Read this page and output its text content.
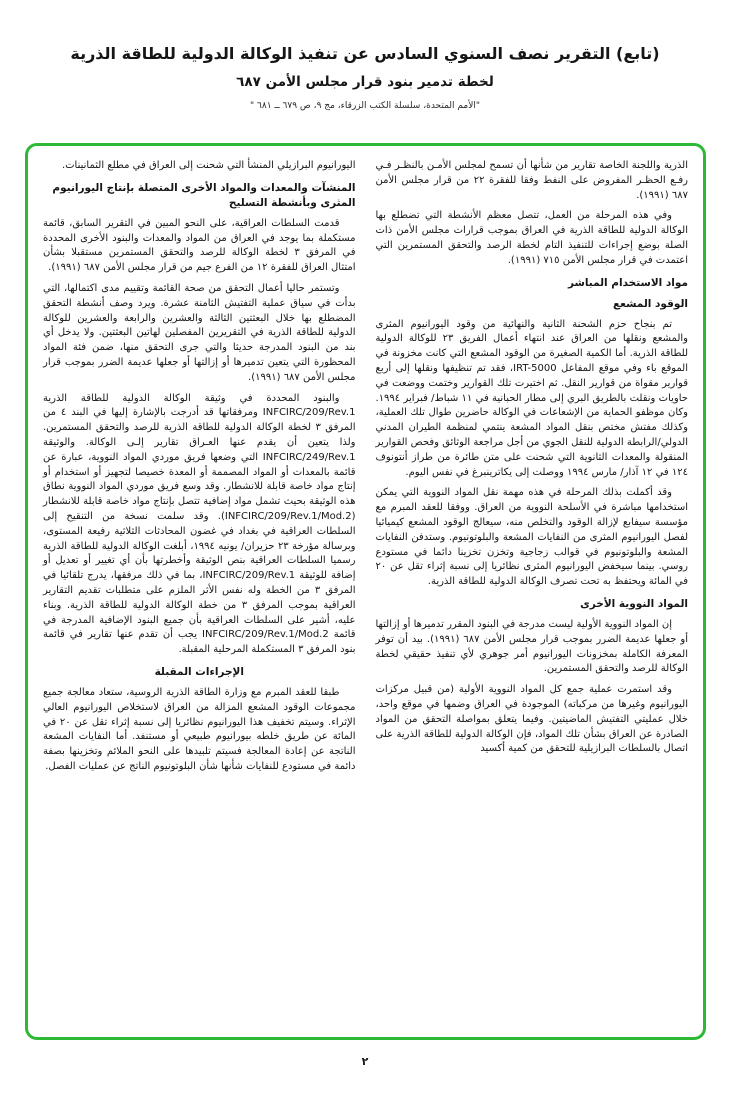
(تابع) التقرير نصف السنوي السادس عن تنفيذ الوكالة الدولية للطاقة الذرية
لخطة تدمير بنود قرار مجلس الأمن ٦٨٧
"الأمم المتحدة، سلسلة الكتب الزرقاء، مج ٩، ص ٦٧٩ ــ ٦٨١ "

الذرية واللجنة الخاصة تقارير من شأنها أن تسمح لمجلس الأمـن بالنظـر فـي رفـع الحظـر المفروض على النفط وفقا للفقرة ٢٢ من قرار مجلس الأمن ٦٨٧ (١٩٩١).

وفي هذه المرحلة من العمل، تتصل معظم الأنشطة التي تضطلع بها الوكالة الدولية للطاقة الذرية في العراق بموجب قرارات مجلس الأمن ذات الصلة بوضع إجراءات للتنفيذ التام لخطة الرصد والتحقق المستمرين التي اعتمدت في قرار مجلس الأمن ٧١٥ (١٩٩١).

مواد الاستخدام المباشر
الوقود المشعع

تم بنجاح حزم الشحنة الثانية والنهائية من وقود اليورانيوم المثرى والمشعع ونقلها من العراق عند انتهاء أعمال الفريق ٢٣ للوكالة الدولية للطاقة الذرية. أما الكمية الصغيرة من الوقود المشعع التي كانت مخزونة في الموقع باء وفي موقع المفاعل IRT-5000، فقد تم تنظيفها ونقلها إلى أربع قوارير مقواة من قوارير النقل. ثم اختيرت تلك القوارير وختمت ووضعت في حاويات ونقلت بالطريق البري إلى مطار الحبانية في ١١ شباط/ فبراير ١٩٩٤. وكان موظفو الحماية من الإشعاعات في الوكالة حاضرين طوال تلك العملية، وكذلك مفتش مختص بنقل المواد المشعة ينتمي لمنظمة الطيران المدني الدولي/الرابطة الدولية للنقل الجوي من أجل مراجعة الوثائق وفحص القوارير المنقولة والمعدات الثانوية التي شحنت على متن طائرة من طراز أنتونوف ١٢٤ في ١٢ آذار/ مارس ١٩٩٤ ووصلت إلى يكاترينبرغ في نفس اليوم.

وقد أكملت بذلك المرحلة في هذه مهمة نقل المواد النووية التي يمكن استخدامها مباشرة في الأسلحة النووية من العراق. ووفقا للعقد المبرم مع مؤسسة سيفابع لإزالة الوقود والتخلص منه، سيعالج الوقود المشعع كيميائيا لفصل اليورانيوم المثرى من النفايات المشعة والبلوتونيوم. وستدفن النفايات المشعة والبلوتونيوم في قوالب زجاجية وتخزن تخزينا دائما في مستودع روسي. بينما سيخفض اليورانيوم المثرى نظائريا إلى نسبة إثراء تقل عن ٢٠ في المائة ويحتفظ به تحت تصرف الوكالة الدولية للطاقة الذرية.

المواد النووية الأخرى

إن المواد النووية الأولية ليست مدرجة في البنود المقرر تدميرها أو إزالتها أو جعلها عديمة الضرر بموجب قرار مجلس الأمن ٦٨٧ (١٩٩١). بيد أن توفر المعرفة الكاملة بمخزونات اليورانيوم أمر جوهري لأي تنفيذ حقيقي لخطة الوكالة للرصد والتحقق المستمرين.

وقد استمرت عملية جمع كل المواد النووية الأولية (من قبيل مركزات اليورانيوم وغيرها من مركباته) الموجودة في العراق وضمها في موقع واحد، خلال عمليتي التفتيش الماضيتين. وفيما يتعلق بمواصلة التحقق من المواد الصادرة عن العراق بشأن تلك المواد، فإن الوكالة الدولية للطاقة الذرية على اتصال بالسلطات البرازيلية للتحقق من كمية أكسيد

اليورانيوم البرازيلي المنشأ التي شحنت إلى العراق في مطلع الثمانينات.

المنشآت والمعدات والمواد الأخرى المتصلة بإنتاج اليورانيوم المثرى وبأنشطة التسليح

قدمت السلطات العراقية، على النحو المبين في التقرير السابق، قائمة مستكملة بما يوجد في العراق من المواد والمعدات والبنود الأخرى المحددة في المرفق ٣ لخطة الوكالة للرصد والتحقق المستمرين مستقبلا بشأن امتثال العراق للفقرة ١٢ من الفرع جيم من قرار مجلس الأمن ٦٨٧ (١٩٩١).

وتستمر حاليا أعمال التحقق من صحة القائمة وتقييم مدى اكتمالها، التي بدأت في سياق عملية التفتيش الثامنة عشرة. ويرد وصف أنشطة التحقق المضطلع بها خلال البعثتين الثالثة والعشرين والرابعة والعشرين للوكالة الدولية للطاقة الذرية في التقريرين المفصلين لهاتين البعثتين. ولا يدخل أي بند من البنود المدرجة حديثا والتي جرى التحقق منها، ضمن فئة المواد المحظورة التي يتعين تدميرها أو إزالتها أو جعلها عديمة الضرر بموجب قرار مجلس الأمن ٦٨٧ (١٩٩١).

والبنود المحددة في وثيقة الوكالة الدولية للطاقة الذرية INFCIRC/209/Rev.1 ومرفقاتها قد أدرجت بالإشارة إليها في البند ٤ من المرفق ٣ لخطة الوكالة الدولية للطاقة الذرية للرصد والتحقق المستمرين. ولذا يتعين أن يقدم عنها العـراق تقارير إلـى الوكالة. والوثيقة INFCIRC/249/Rev.1 التي وضعها فريق موردي المواد النووية، عبارة عن قائمة بالمعدات أو المواد المصممة أو المعدة خصيصا لتجهيز أو استخدام أو إنتاج مواد خاصة قابلة للانشطار. وقد وسع فريق موردي المواد النووية نطاق هذه الوثيقة بحيث تشمل مواد إضافية تتصل بإنتاج مواد خاصة قابلة للانشطار (INFCIRC/209/Rev.1/Mod.2). وقد سلمت نسخة من التنقيح إلى السلطات العراقية في بغداد في غضون المحادثات الثلاثية رفيعة المستوى، وبرسالة مؤرخة ٢٣ حزيران/ يونيه ١٩٩٤، أبلغت الوكالة الدولية للطاقة الذرية رسميا السلطات العراقية بنص الوثيقة وأخطرتها بأن أي تغيير أو تعديل أو إضافة للوثيقة INFCIRC/209/Rev.1، بما في ذلك مرفقها، يدرج تلقائيا في المرفق ٣ من الخطة وله نفس الأثر الملزم على متطلبات تقديم التقارير العراقية بموجب المرفق ٣ من خطة الوكالة الدولية للطاقة الذرية. وبناء عليه، أشير على السلطات العراقية بأن جميع البنود الإضافية المدرجة في قائمة INFCIRC/209/Rev.1/Mod.2 يجب أن تقدم عنها تقارير في قائمة بنود المرفق ٣ المستكملة المرحلية المقبلة.

الإجراءات المقبلة

طبقا للعقد المبرم مع وزارة الطاقة الذرية الروسية، ستعاد معالجة جميع مجموعات الوقود المشعع المزالة من العراق لاستخلاص اليورانيوم العالي الإثراء. وسيتم تخفيف هذا اليورانيوم نظائريا إلى نسبة إثراء تقل عن ٢٠ في المائة عن طريق خلطه بيورانيوم طبيعي أو مستنفد. أما النفايات المشعة الناتجة عن إعادة المعالجة فسيتم تلبيدها على النحو الملائم وتخزينها بصفة دائمة في مستودع للنفايات شأنها شأن البلوتونيوم الناتج عن عمليات الفصل.

٢
